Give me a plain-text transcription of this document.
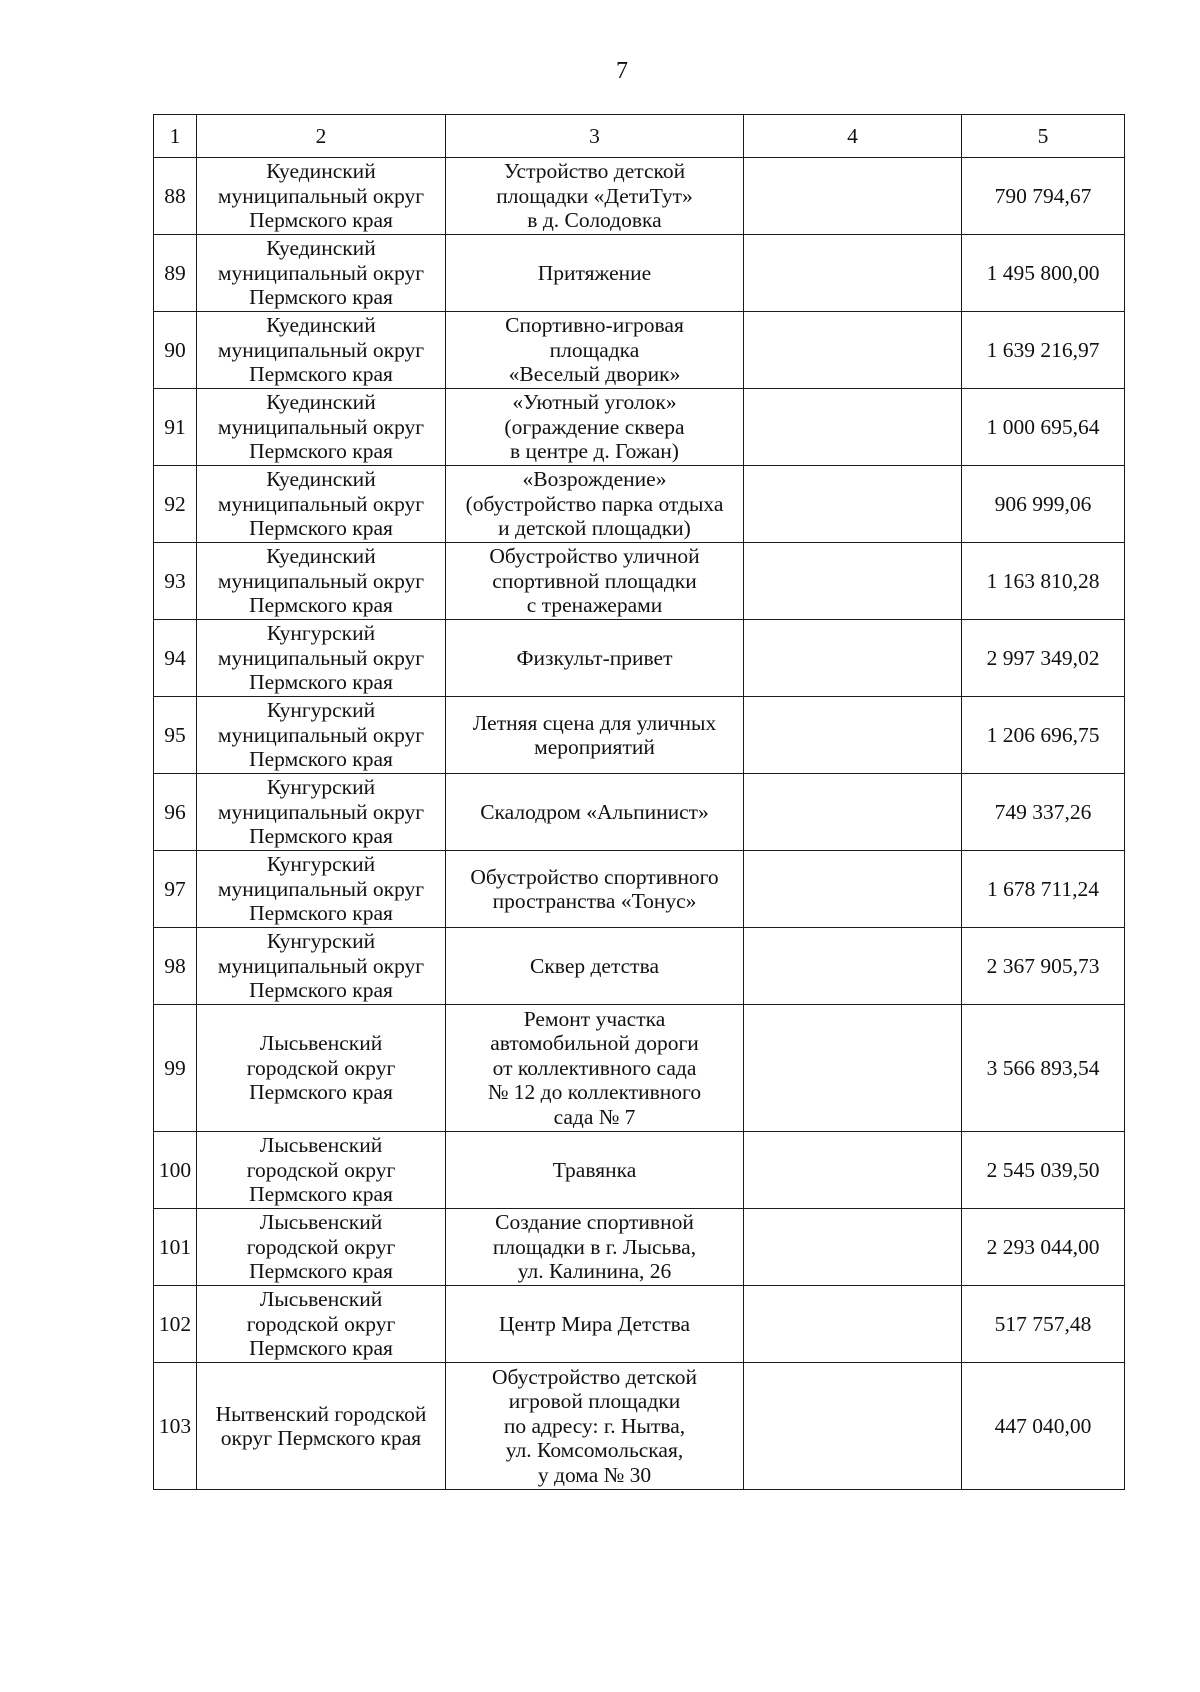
7
1	2	3	4	5
88	Куединский
муниципальный округ
Пермского края	Устройство детской
площадки «ДетиТут»
в д. Солодовка		790 794,67
89	Куединский
муниципальный округ
Пермского края	Притяжение		1 495 800,00
90	Куединский
муниципальный округ
Пермского края	Спортивно-игровая
площадка
«Веселый дворик»		1 639 216,97
91	Куединский
муниципальный округ
Пермского края	«Уютный уголок»
(ограждение сквера
в центре д. Гожан)		1 000 695,64
92	Куединский
муниципальный округ
Пермского края	«Возрождение»
(обустройство парка отдыха
и детской площадки)		906 999,06
93	Куединский
муниципальный округ
Пермского края	Обустройство уличной
спортивной площадки
с тренажерами		1 163 810,28
94	Кунгурский
муниципальный округ
Пермского края	Физкульт-привет		2 997 349,02
95	Кунгурский
муниципальный округ
Пермского края	Летняя сцена для уличных
мероприятий		1 206 696,75
96	Кунгурский
муниципальный округ
Пермского края	Скалодром «Альпинист»		749 337,26
97	Кунгурский
муниципальный округ
Пермского края	Обустройство спортивного
пространства «Тонус»		1 678 711,24
98	Кунгурский
муниципальный округ
Пермского края	Сквер детства		2 367 905,73
99	Лысьвенский
городской округ
Пермского края	Ремонт участка
автомобильной дороги
от коллективного сада
№ 12 до коллективного
сада № 7		3 566 893,54
100	Лысьвенский
городской округ
Пермского края	Травянка		2 545 039,50
101	Лысьвенский
городской округ
Пермского края	Создание спортивной
площадки в г. Лысьва,
ул. Калинина, 26		2 293 044,00
102	Лысьвенский
городской округ
Пермского края	Центр Мира Детства		517 757,48
103	Нытвенский городской
округ Пермского края	Обустройство детской
игровой площадки
по адресу: г. Нытва,
ул. Комсомольская,
у дома № 30		447 040,00
